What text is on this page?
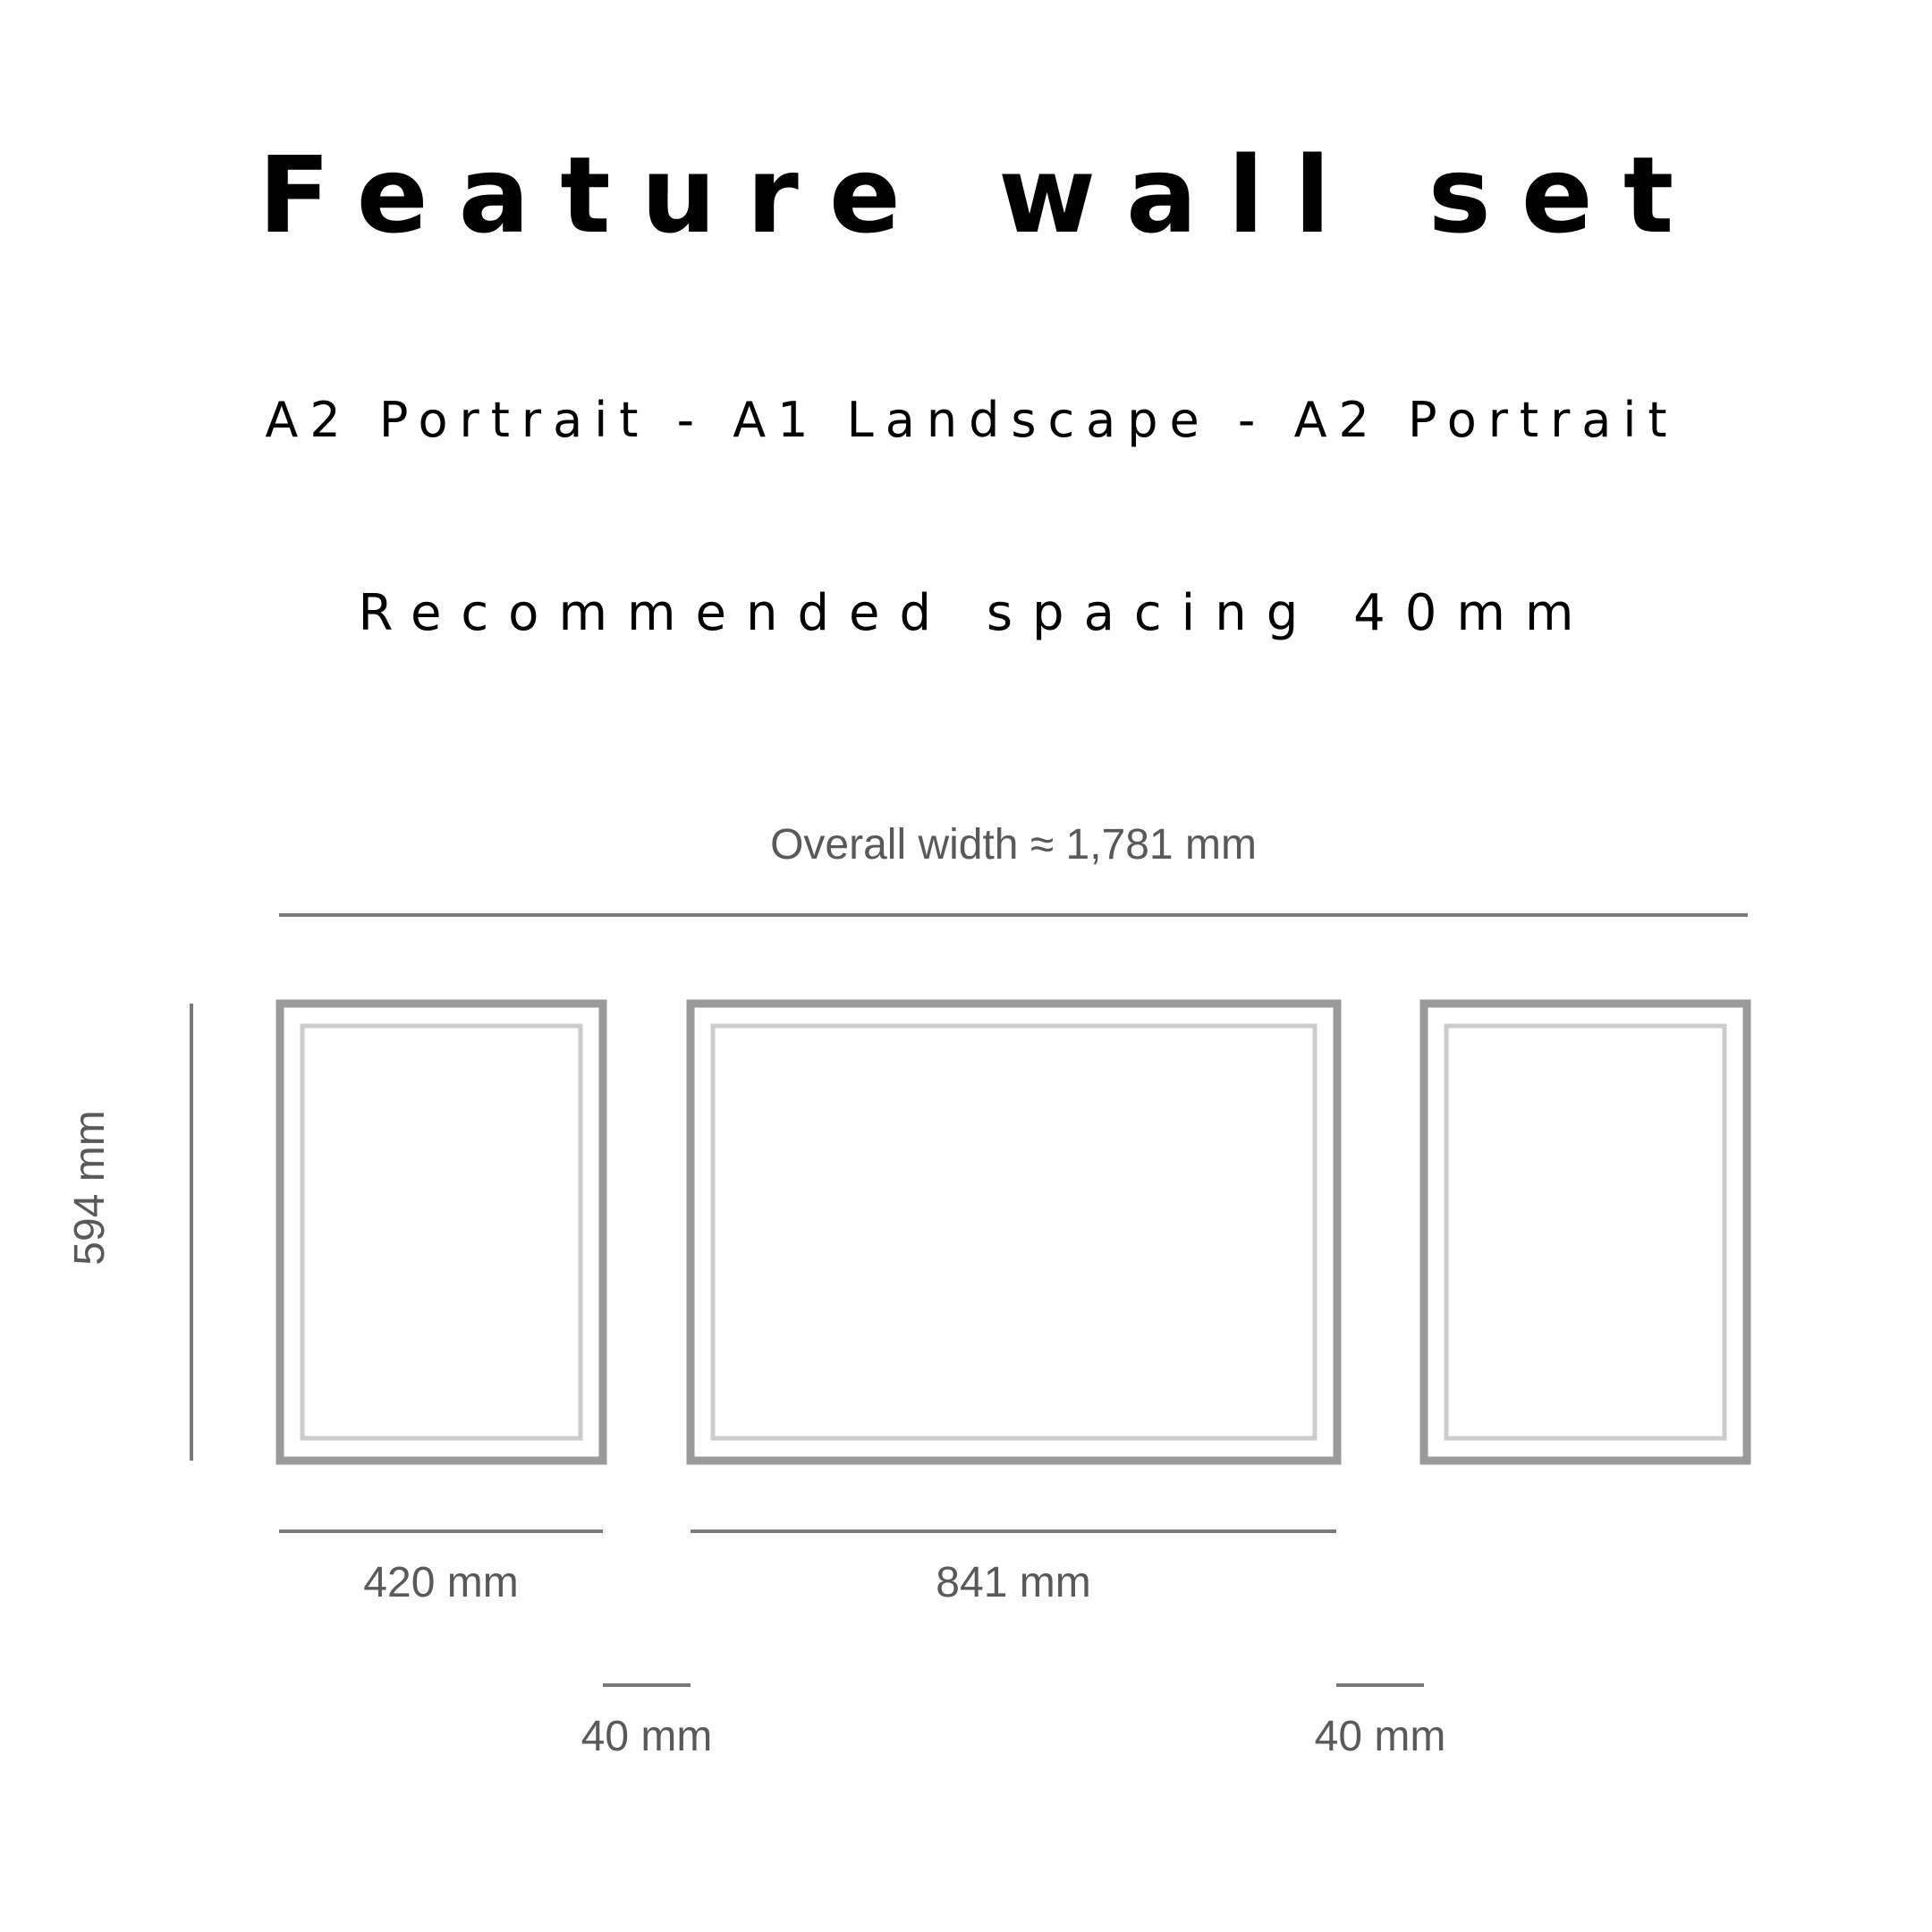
Feature wall set
A2 Portrait - A1 Landscape - A2 Portrait
Recommended spacing 40mm
Overall width ≈ 1,781 mm
594 mm
420 mm	841 mm
40 mm	40 mm
